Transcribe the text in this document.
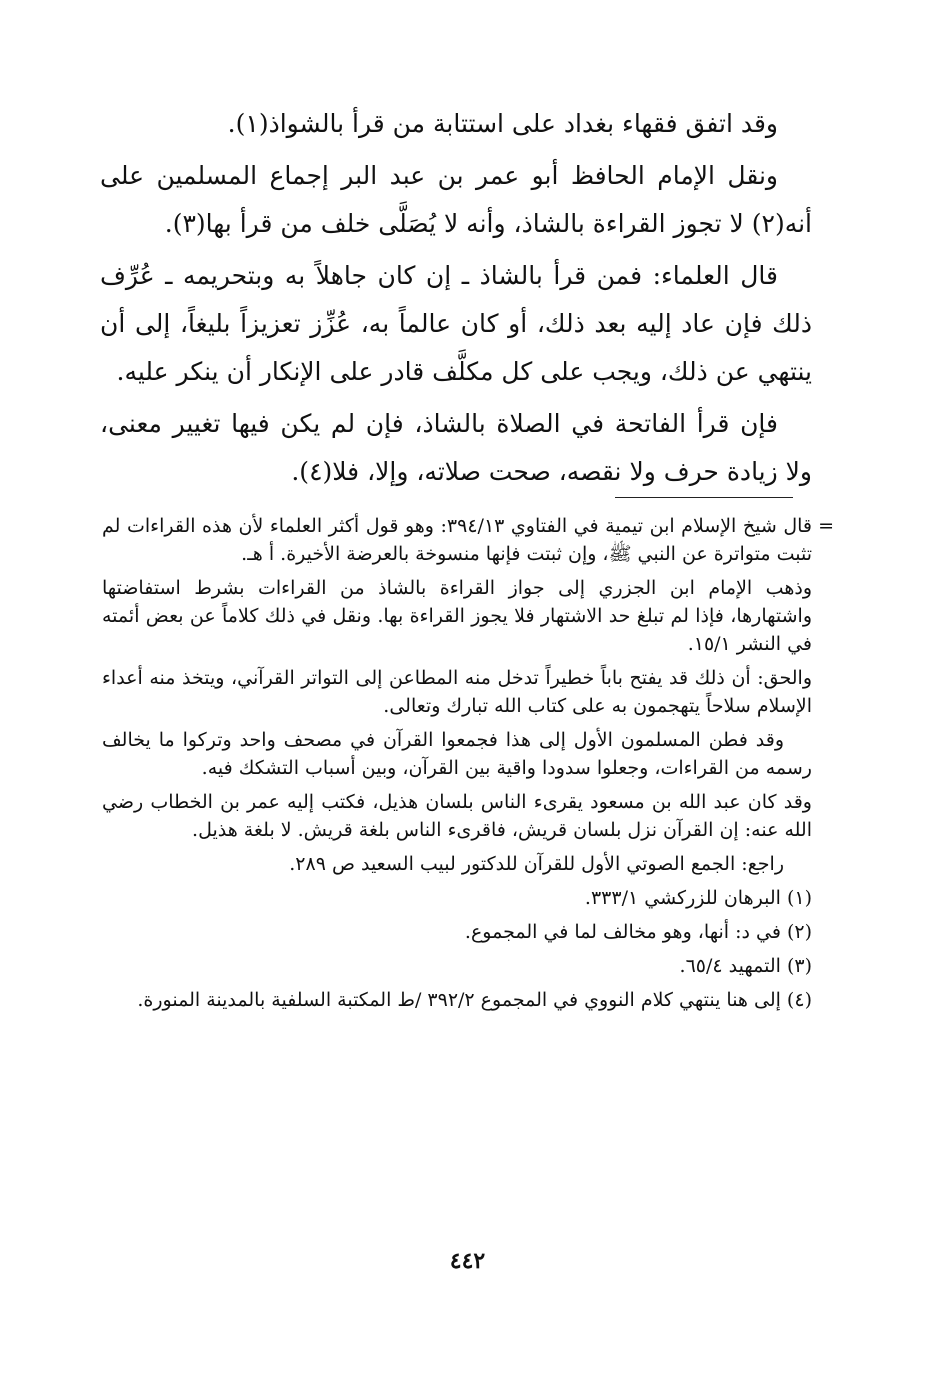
وقد اتفق فقهاء بغداد على استتابة من قرأ بالشواذ(١).

ونقل الإمام الحافظ أبو عمر بن عبد البر إجماع المسلمين على أنه(٢) لا تجوز القراءة بالشاذ، وأنه لا يُصَلَّى خلف من قرأ بها(٣).

قال العلماء: فمن قرأ بالشاذ ـ إن كان جاهلاً به وبتحريمه ـ عُرِّف ذلك فإن عاد إليه بعد ذلك، أو كان عالماً به، عُزِّز تعزيزاً بليغاً، إلى أن ينتهي عن ذلك، ويجب على كل مكلَّف قادر على الإنكار أن ينكر عليه.

فإن قرأ الفاتحة في الصلاة بالشاذ، فإن لم يكن فيها تغيير معنى، ولا زيادة حرف ولا نقصه، صحت صلاته، وإلا، فلا(٤).

=

قال شيخ الإسلام ابن تيمية في الفتاوي ٣٩٤/١٣: وهو قول أكثر العلماء لأن هذه القراءات لم تثبت متواترة عن النبي ﷺ، وإن ثبتت فإنها منسوخة بالعرضة الأخيرة. أ هـ.

وذهب الإمام ابن الجزري إلى جواز القراءة بالشاذ من القراءات بشرط استفاضتها واشتهارها، فإذا لم تبلغ حد الاشتهار فلا يجوز القراءة بها. ونقل في ذلك كلاماً عن بعض أئمته في النشر ١٥/١.

والحق: أن ذلك قد يفتح باباً خطيراً تدخل منه المطاعن إلى التواتر القرآني، ويتخذ منه أعداء الإسلام سلاحاً يتهجمون به على كتاب الله تبارك وتعالى.

وقد فطن المسلمون الأول إلى هذا فجمعوا القرآن في مصحف واحد وتركوا ما يخالف رسمه من القراءات، وجعلوا سدودا واقية بين القرآن، وبين أسباب التشكك فيه.

وقد كان عبد الله بن مسعود يقرىء الناس بلسان هذيل، فكتب إليه عمر بن الخطاب رضي الله عنه: إن القرآن نزل بلسان قريش، فاقرىء الناس بلغة قريش. لا بلغة هذيل.

راجع: الجمع الصوتي الأول للقرآن للدكتور لبيب السعيد ص ٢٨٩.

(١) البرهان للزركشي ٣٣٣/١.

(٢) في د: أنها، وهو مخالف لما في المجموع.

(٣) التمهيد ٦٥/٤.

(٤) إلى هنا ينتهي كلام النووي في المجموع ٣٩٢/٢ /ط المكتبة السلفية بالمدينة المنورة.

٤٤٢
